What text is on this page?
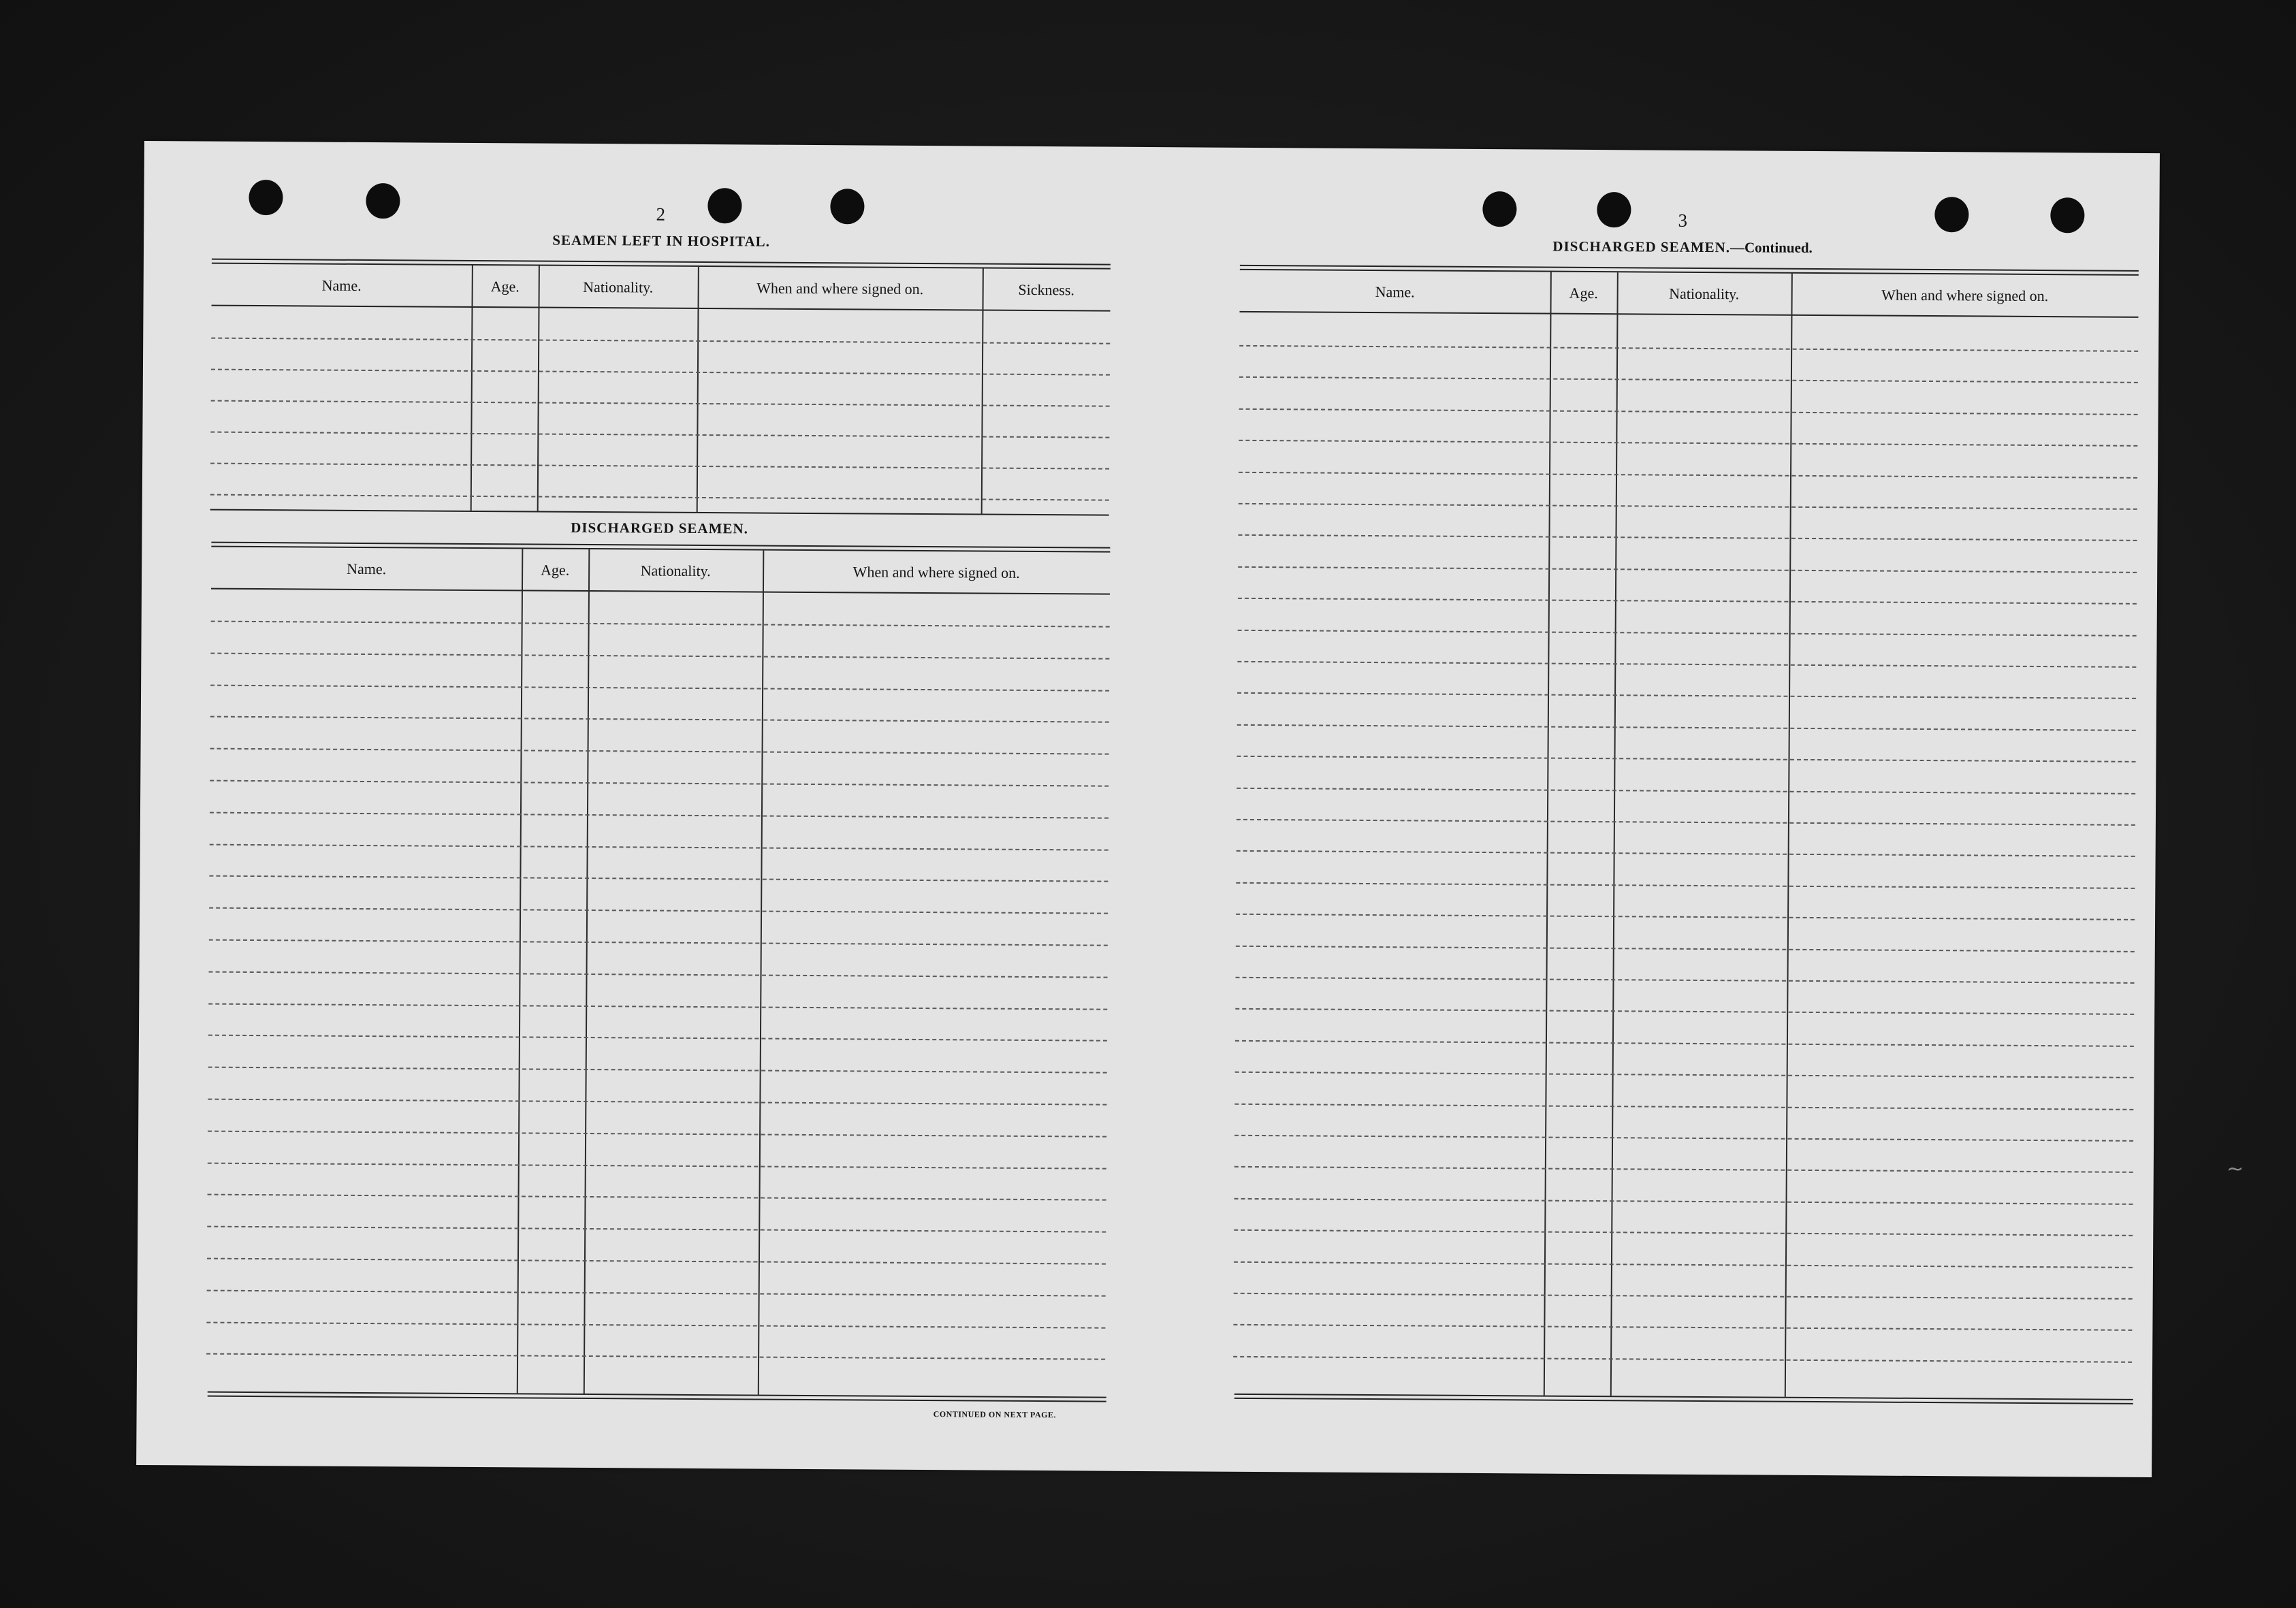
2
SEAMEN LEFT IN HOSPITAL.
Name.	Age.	Nationality.	When and where signed on.	Sickness.
DISCHARGED SEAMEN.
Name.	Age.	Nationality.	When and where signed on.
CONTINUED ON NEXT PAGE.
3
DISCHARGED SEAMEN.—Continued.
Name.	Age.	Nationality.	When and where signed on.
~
